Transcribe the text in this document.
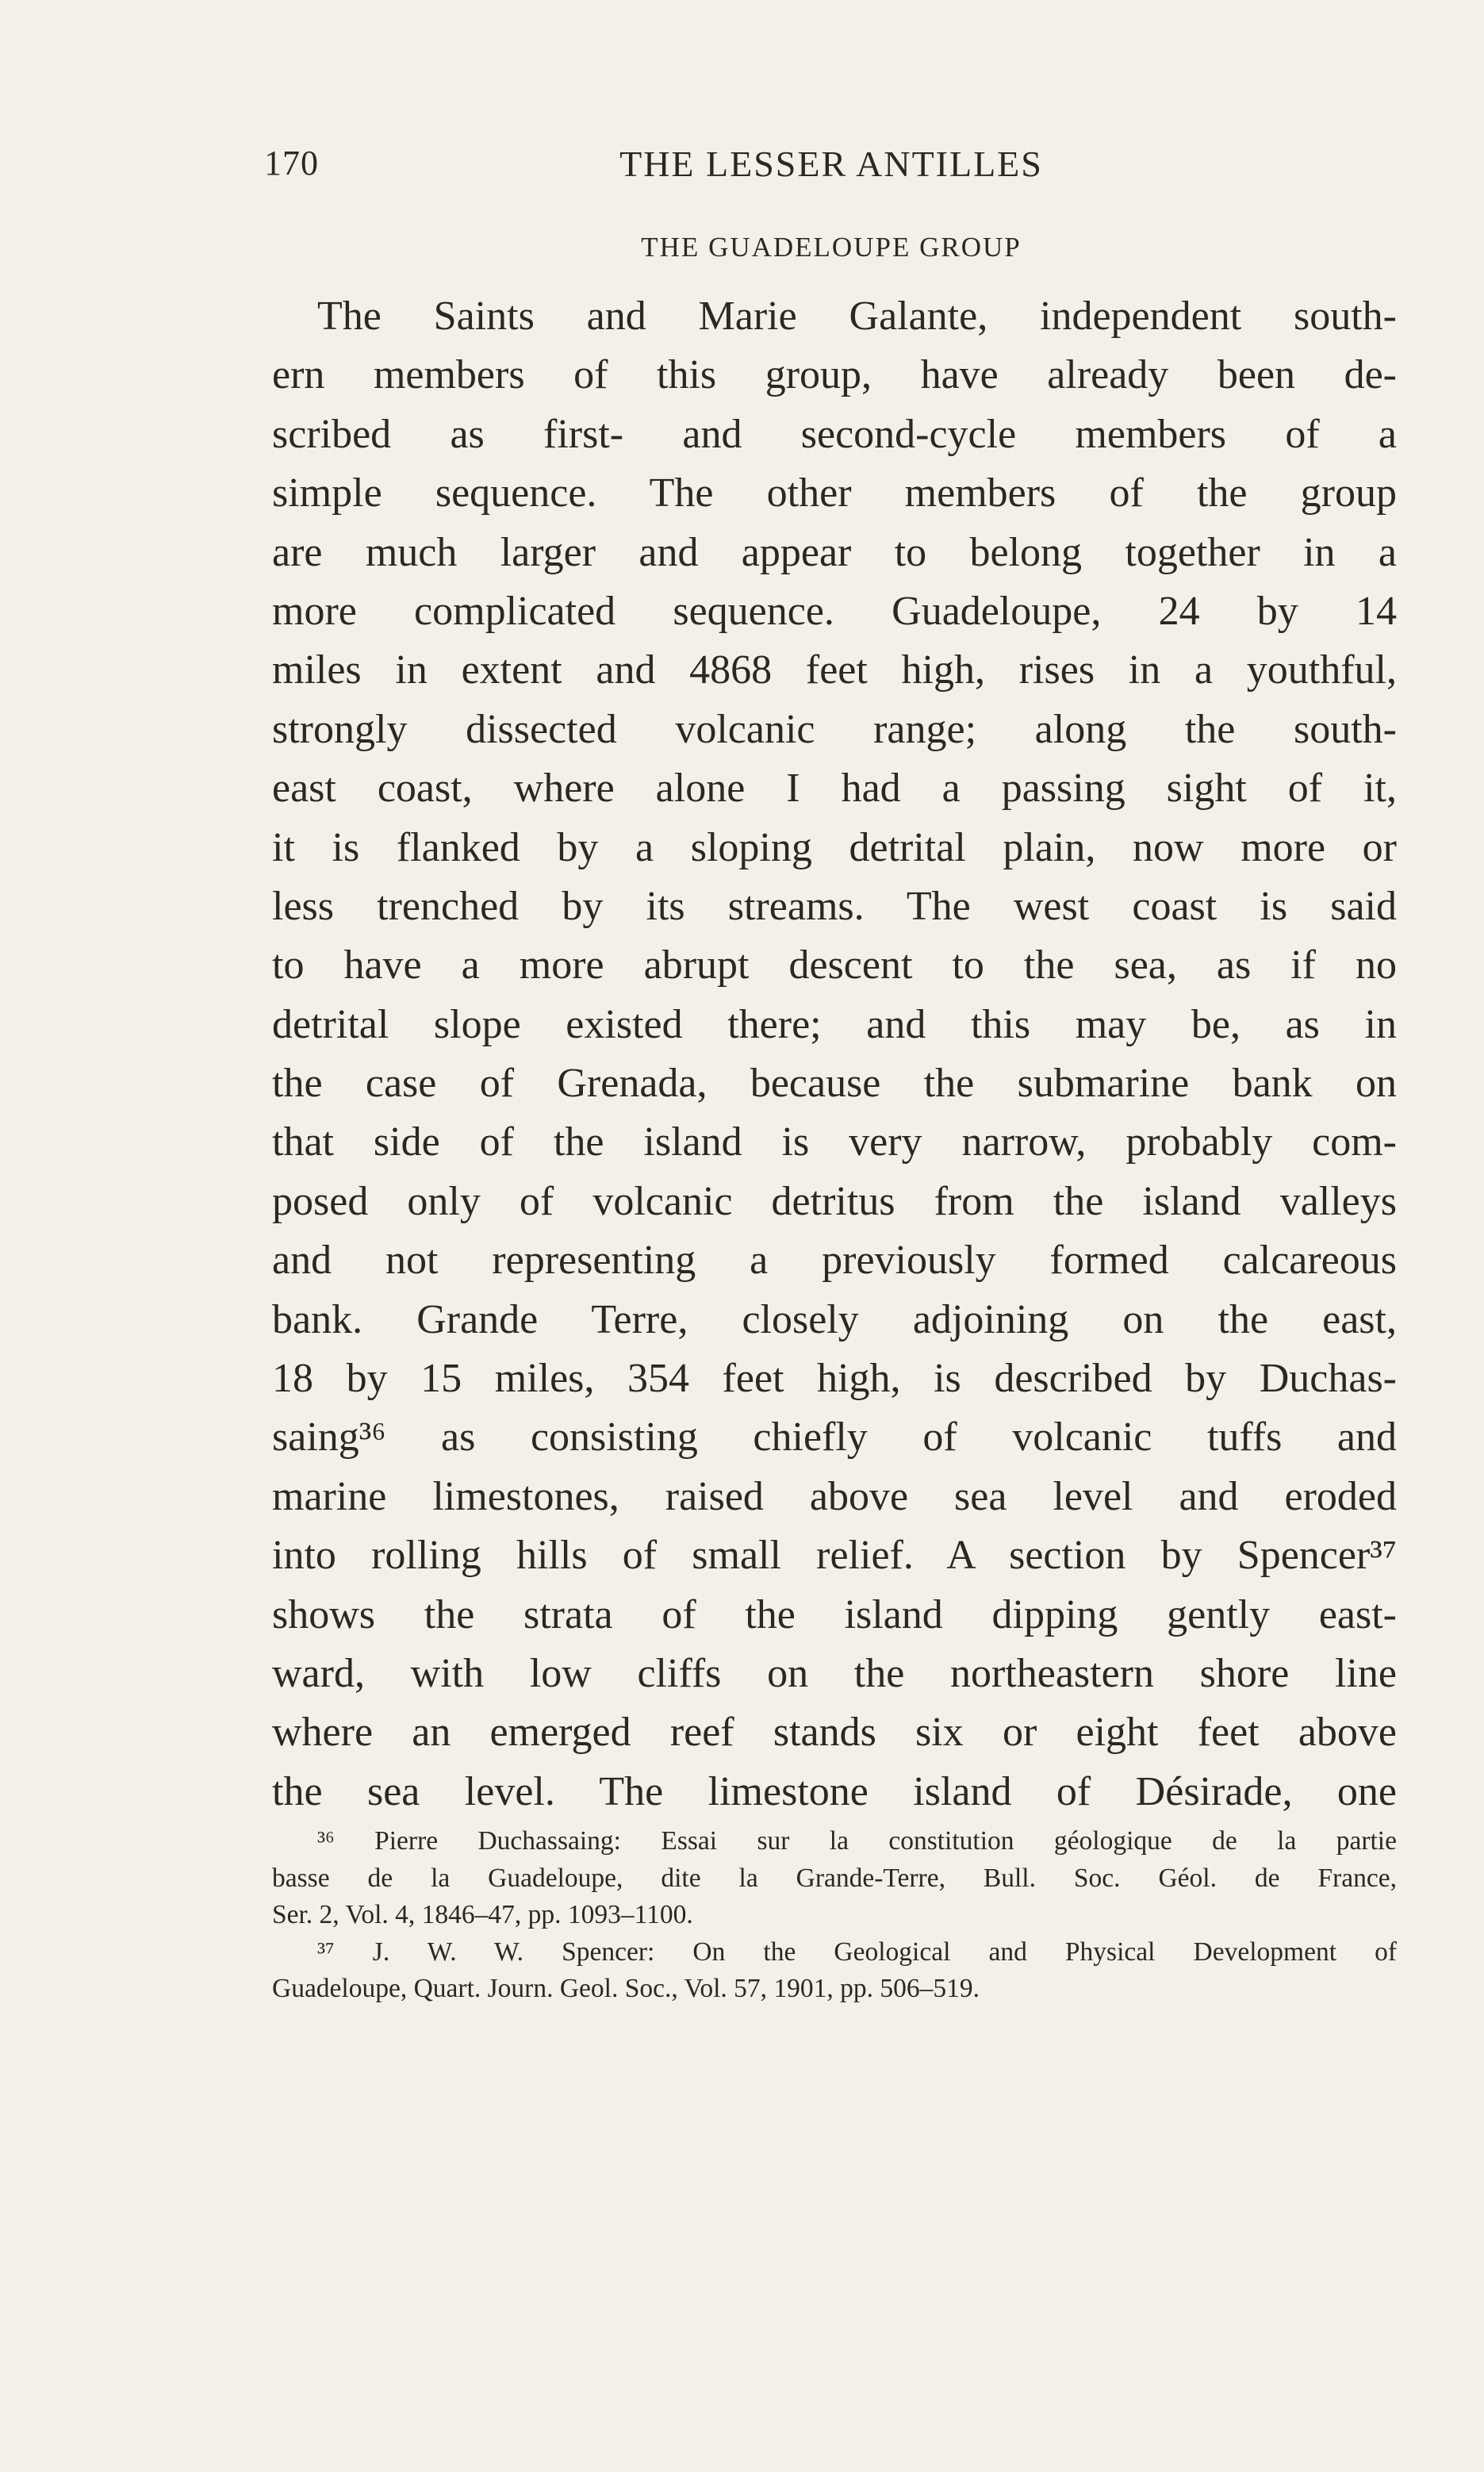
170	THE LESSER ANTILLES
THE GUADELOUPE GROUP
The Saints and Marie Galante, independent south-
ern members of this group, have already been de-
scribed as first- and second-cycle members of a
simple sequence. The other members of the group
are much larger and appear to belong together in a
more complicated sequence. Guadeloupe, 24 by 14
miles in extent and 4868 feet high, rises in a youthful,
strongly dissected volcanic range; along the south-
east coast, where alone I had a passing sight of it,
it is flanked by a sloping detrital plain, now more or
less trenched by its streams. The west coast is said
to have a more abrupt descent to the sea, as if no
detrital slope existed there; and this may be, as in
the case of Grenada, because the submarine bank on
that side of the island is very narrow, probably com-
posed only of volcanic detritus from the island valleys
and not representing a previously formed calcareous
bank. Grande Terre, closely adjoining on the east,
18 by 15 miles, 354 feet high, is described by Duchas-
saing³⁶ as consisting chiefly of volcanic tuffs and
marine limestones, raised above sea level and eroded
into rolling hills of small relief. A section by Spencer³⁷
shows the strata of the island dipping gently east-
ward, with low cliffs on the northeastern shore line
where an emerged reef stands six or eight feet above
the sea level. The limestone island of Désirade, one
³⁶ Pierre Duchassaing: Essai sur la constitution géologique de la partie
basse de la Guadeloupe, dite la Grande-Terre, Bull. Soc. Géol. de France,
Ser. 2, Vol. 4, 1846–47, pp. 1093–1100.
³⁷ J. W. W. Spencer: On the Geological and Physical Development of
Guadeloupe, Quart. Journ. Geol. Soc., Vol. 57, 1901, pp. 506–519.
